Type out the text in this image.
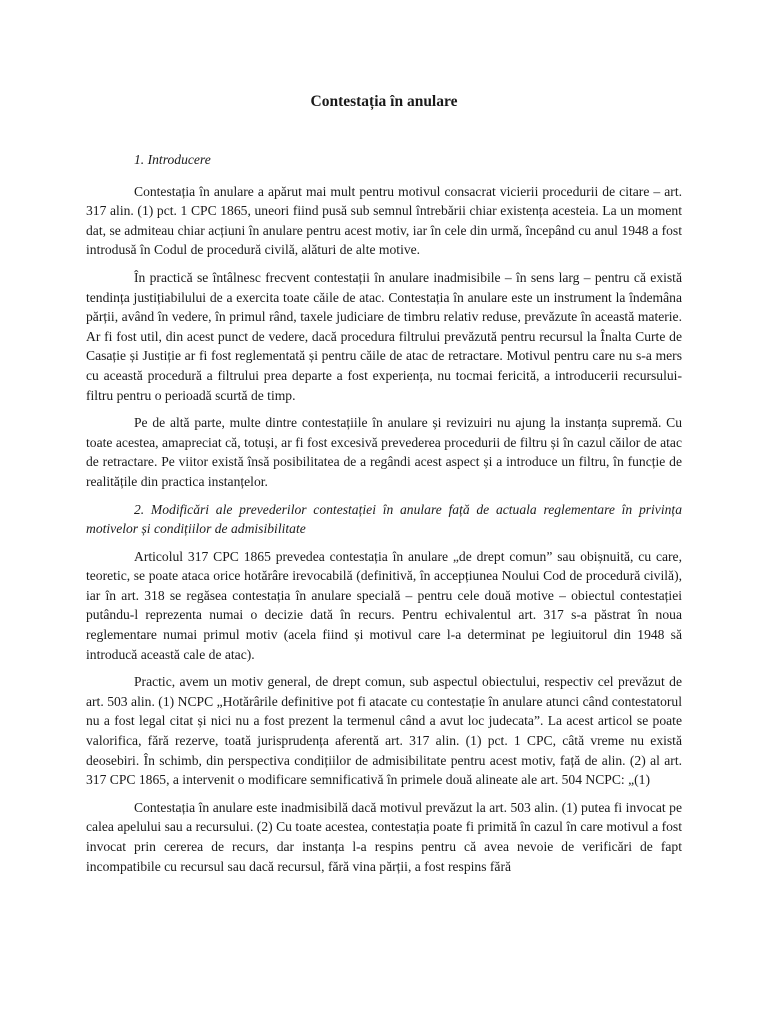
Contestația în anulare
1. Introducere

Contestația în anulare a apărut mai mult pentru motivul consacrat vicierii procedurii de citare – art. 317 alin. (1) pct. 1 CPC 1865, uneori fiind pusă sub semnul întrebării chiar existența acesteia. La un moment dat, se admiteau chiar acțiuni în anulare pentru acest motiv, iar în cele din urmă, începând cu anul 1948 a fost introdusă în Codul de procedură civilă, alături de alte motive.

În practică se întâlnesc frecvent contestații în anulare inadmisibile – în sens larg – pentru că există tendința justițiabilului de a exercita toate căile de atac. Contestația în anulare este un instrument la îndemâna părții, având în vedere, în primul rând, taxele judiciare de timbru relativ reduse, prevăzute în această materie. Ar fi fost util, din acest punct de vedere, dacă procedura filtrului prevăzută pentru recursul la Înalta Curte de Casație și Justiție ar fi fost reglementată și pentru căile de atac de retractare. Motivul pentru care nu s-a mers cu această procedură a filtrului prea departe a fost experiența, nu tocmai fericită, a introducerii recursului-filtru pentru o perioadă scurtă de timp.

Pe de altă parte, multe dintre contestațiile în anulare și revizuiri nu ajung la instanța supremă. Cu toate acestea, amapreciat că, totuși, ar fi fost excesivă prevederea procedurii de filtru și în cazul căilor de atac de retractare. Pe viitor există însă posibilitatea de a regândi acest aspect și a introduce un filtru, în funcție de realitățile din practica instanțelor.

2. Modificări ale prevederilor contestației în anulare față de actuala reglementare în privința motivelor și condițiilor de admisibilitate

Articolul 317 CPC 1865 prevedea contestația în anulare „de drept comun” sau obișnuită, cu care, teoretic, se poate ataca orice hotărâre irevocabilă (definitivă, în accepțiunea Noului Cod de procedură civilă), iar în art. 318 se regăsea contestația în anulare specială – pentru cele două motive – obiectul contestației putându-l reprezenta numai o decizie dată în recurs. Pentru echivalentul art. 317 s-a păstrat în noua reglementare numai primul motiv (acela fiind și motivul care l-a determinat pe legiuitorul din 1948 să introducă această cale de atac).

Practic, avem un motiv general, de drept comun, sub aspectul obiectului, respectiv cel prevăzut de art. 503 alin. (1) NCPC „Hotărârile definitive pot fi atacate cu contestație în anulare atunci când contestatorul nu a fost legal citat și nici nu a fost prezent la termenul când a avut loc judecata”. La acest articol se poate valorifica, fără rezerve, toată jurisprudența aferentă art. 317 alin. (1) pct. 1 CPC, câtă vreme nu există deosebiri. În schimb, din perspectiva condițiilor de admisibilitate pentru acest motiv, față de alin. (2) al art. 317 CPC 1865, a intervenit o modificare semnificativă în primele două alineate ale art. 504 NCPC: „(1)

Contestația în anulare este inadmisibilă dacă motivul prevăzut la art. 503 alin. (1) putea fi invocat pe calea apelului sau a recursului. (2) Cu toate acestea, contestația poate fi primită în cazul în care motivul a fost invocat prin cererea de recurs, dar instanța l-a respins pentru că avea nevoie de verificări de fapt incompatibile cu recursul sau dacă recursul, fără vina părții, a fost respins fără
